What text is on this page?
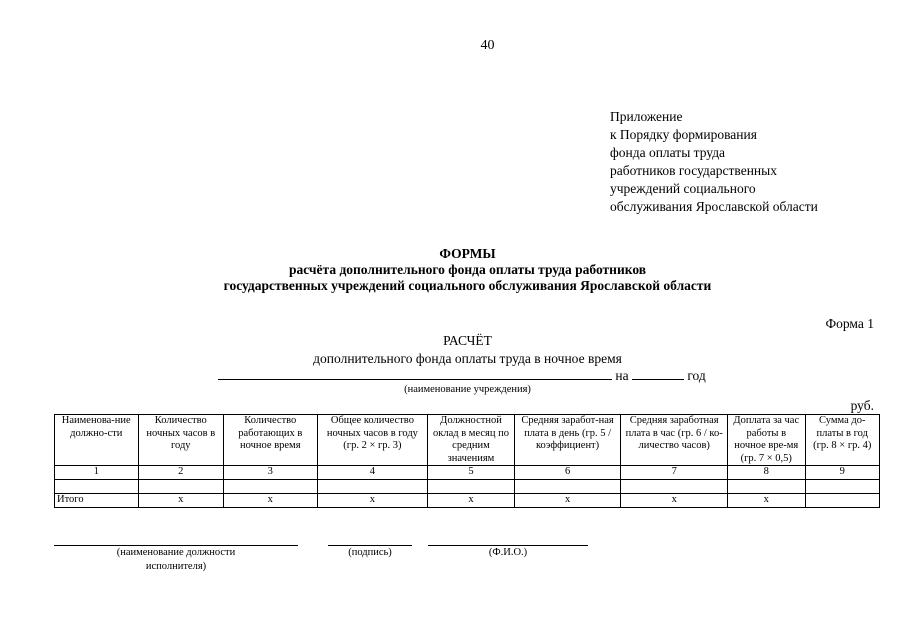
40
Приложение
к Порядку формирования
фонда оплаты труда
работников государственных
учреждений социального
обслуживания Ярославской области
ФОРМЫ
расчёта дополнительного фонда оплаты труда работников
государственных учреждений социального обслуживания Ярославской области
Форма 1
РАСЧЁТ
дополнительного фонда оплаты труда в ночное время
на	год
(наименование учреждения)
руб.
Наименова-ние должно-сти	Количество ночных часов в году	Количество работающих в ночное время	Общее количество ночных часов в году (гр. 2 × гр. 3)	Должностной оклад в месяц по средним значениям	Средняя заработ-ная плата в день (гр. 5 / коэффициент)	Средняя заработная плата в час (гр. 6 / ко-личество часов)	Доплата за час работы в ночное вре-мя (гр. 7 × 0,5)	Сумма до-платы в год (гр. 8 × гр. 4)
1	2	3	4	5	6	7	8	9

Итого	х	х	х	х	х	х	х	
(наименование должности исполнителя)
(подпись)	(Ф.И.О.)
